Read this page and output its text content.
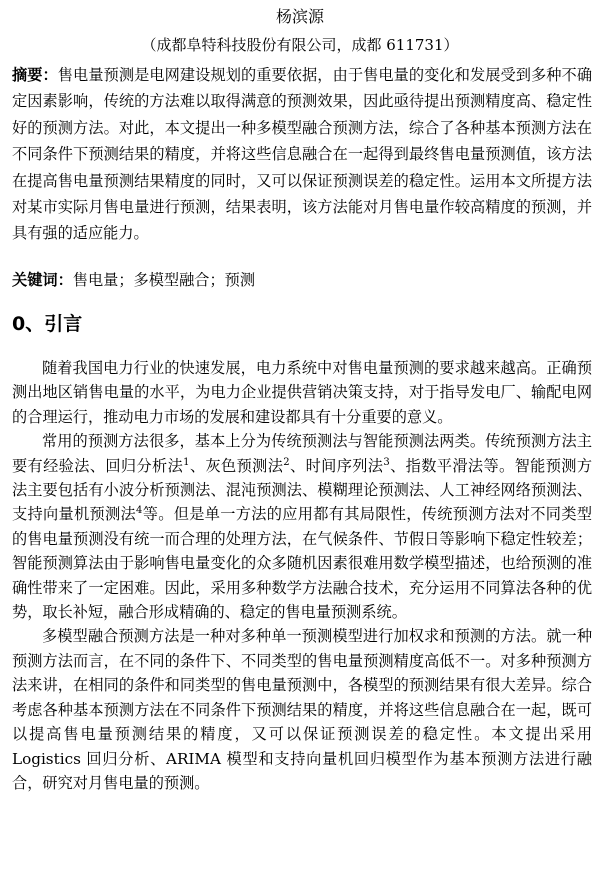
杨滨源
（成都阜特科技股份有限公司，成都 611731）
摘要：售电量预测是电网建设规划的重要依据，由于售电量的变化和发展受到多种不确定因素影响，传统的方法难以取得满意的预测效果，因此亟待提出预测精度高、稳定性好的预测方法。对此，本文提出一种多模型融合预测方法，综合了各种基本预测方法在不同条件下预测结果的精度，并将这些信息融合在一起得到最终售电量预测值，该方法在提高售电量预测结果精度的同时，又可以保证预测误差的稳定性。运用本文所提方法对某市实际月售电量进行预测，结果表明，该方法能对月售电量作较高精度的预测，并具有强的适应能力。
关键词：售电量；多模型融合；预测
0、引言

随着我国电力行业的快速发展，电力系统中对售电量预测的要求越来越高。正确预测出地区销售电量的水平，为电力企业提供营销决策支持，对于指导发电厂、输配电网的合理运行，推动电力市场的发展和建设都具有十分重要的意义。

常用的预测方法很多，基本上分为传统预测法与智能预测法两类。传统预测方法主要有经验法、回归分析法$^1$、灰色预测法$^2$、时间序列法$^3$、指数平滑法等。智能预测方法主要包括有小波分析预测法、混沌预测法、模糊理论预测法、人工神经网络预测法、支持向量机预测法$^4$等。但是单一方法的应用都有其局限性，传统预测方法对不同类型的售电量预测没有统一而合理的处理方法，在气候条件、节假日等影响下稳定性较差；智能预测算法由于影响售电量变化的众多随机因素很难用数学模型描述，也给预测的准确性带来了一定困难。因此，采用多种数学方法融合技术，充分运用不同算法各种的优势，取长补短，融合形成精确的、稳定的售电量预测系统。

多模型融合预测方法是一种对多种单一预测模型进行加权求和预测的方法。就一种预测方法而言，在不同的条件下、不同类型的售电量预测精度高低不一。对多种预测方法来讲，在相同的条件和同类型的售电量预测中，各模型的预测结果有很大差异。综合考虑各种基本预测方法在不同条件下预测结果的精度，并将这些信息融合在一起，既可以提高售电量预测结果的精度，又可以保证预测误差的稳定性。本文提出采用 Logistics 回归分析、ARIMA 模型和支持向量机回归模型作为基本预测方法进行融合，研究对月售电量的预测。
